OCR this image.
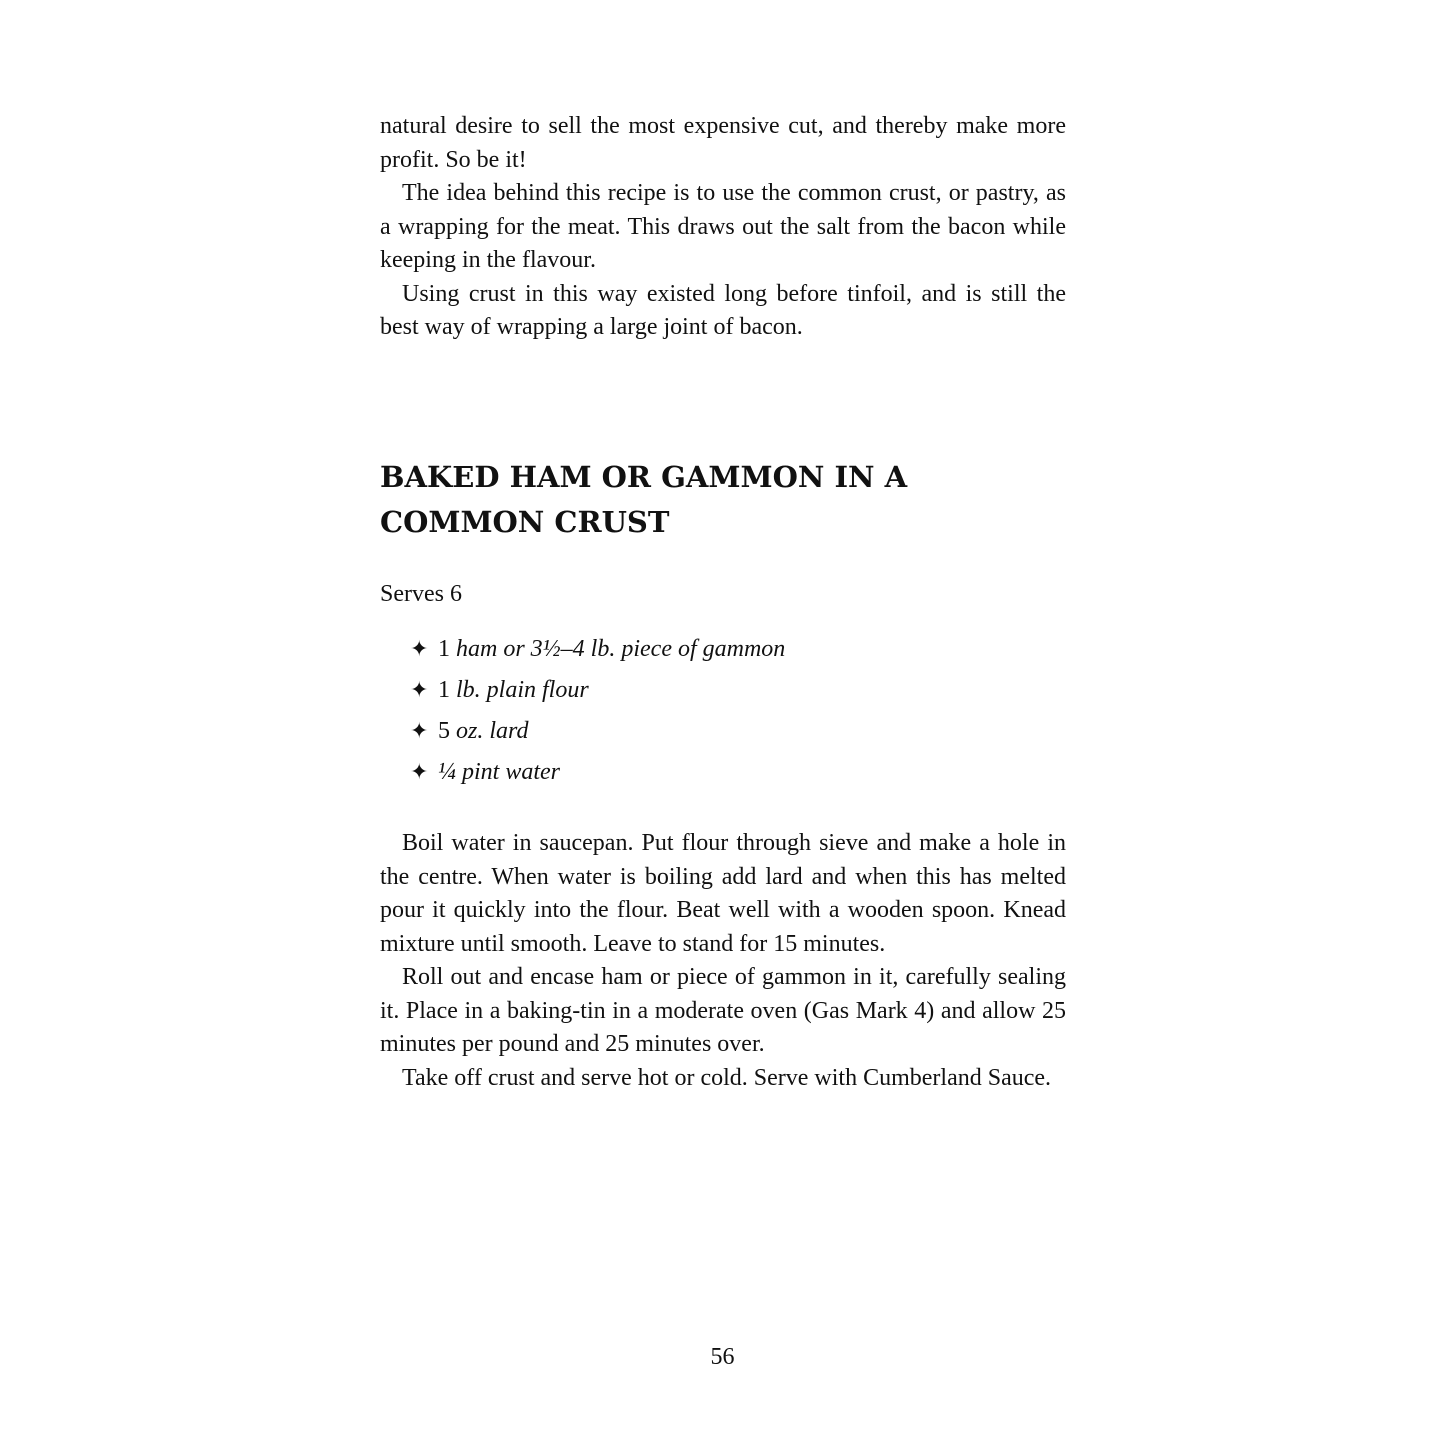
natural desire to sell the most expensive cut, and thereby make more profit. So be it!

The idea behind this recipe is to use the common crust, or pastry, as a wrapping for the meat. This draws out the salt from the bacon while keeping in the flavour.

Using crust in this way existed long before tinfoil, and is still the best way of wrapping a large joint of bacon.

BAKED HAM OR GAMMON IN A
COMMON CRUST
Serves 6
✦ 1 ham or 3½–4 lb. piece of gammon
✦ 1 lb. plain flour
✦ 5 oz. lard
✦ ¼ pint water

Boil water in saucepan. Put flour through sieve and make a hole in the centre. When water is boiling add lard and when this has melted pour it quickly into the flour. Beat well with a wooden spoon. Knead mixture until smooth. Leave to stand for 15 minutes.

Roll out and encase ham or piece of gammon in it, carefully sealing it. Place in a baking-tin in a moderate oven (Gas Mark 4) and allow 25 minutes per pound and 25 minutes over.

Take off crust and serve hot or cold. Serve with Cumberland Sauce.

56
